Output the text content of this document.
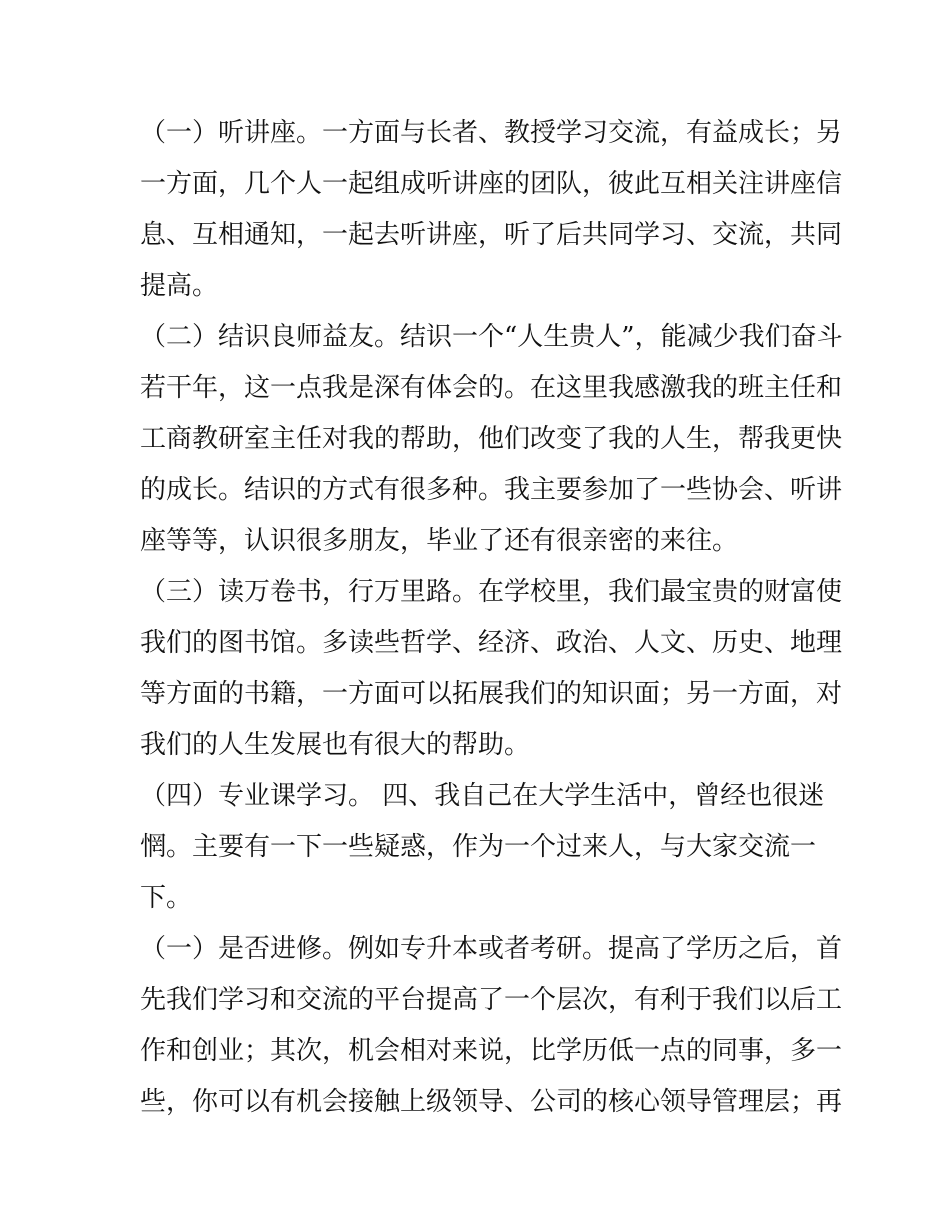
（一）听讲座。一方面与长者、教授学习交流，有益成长；另
一方面，几个人一起组成听讲座的团队，彼此互相关注讲座信
息、互相通知，一起去听讲座，听了后共同学习、交流，共同
提高。

（二）结识良师益友。结识一个“人生贵人”，能减少我们奋斗
若干年，这一点我是深有体会的。在这里我感激我的班主任和
工商教研室主任对我的帮助，他们改变了我的人生，帮我更快
的成长。结识的方式有很多种。我主要参加了一些协会、听讲
座等等，认识很多朋友，毕业了还有很亲密的来往。

（三）读万卷书，行万里路。在学校里，我们最宝贵的财富使
我们的图书馆。多读些哲学、经济、政治、人文、历史、地理
等方面的书籍，一方面可以拓展我们的知识面；另一方面，对
我们的人生发展也有很大的帮助。

（四）专业课学习。 四、我自己在大学生活中，曾经也很迷
惘。主要有一下一些疑惑，作为一个过来人，与大家交流一
下。

（一）是否进修。例如专升本或者考研。提高了学历之后，首
先我们学习和交流的平台提高了一个层次，有利于我们以后工
作和创业；其次，机会相对来说，比学历低一点的同事，多一
些，你可以有机会接触上级领导、公司的核心领导管理层；再
